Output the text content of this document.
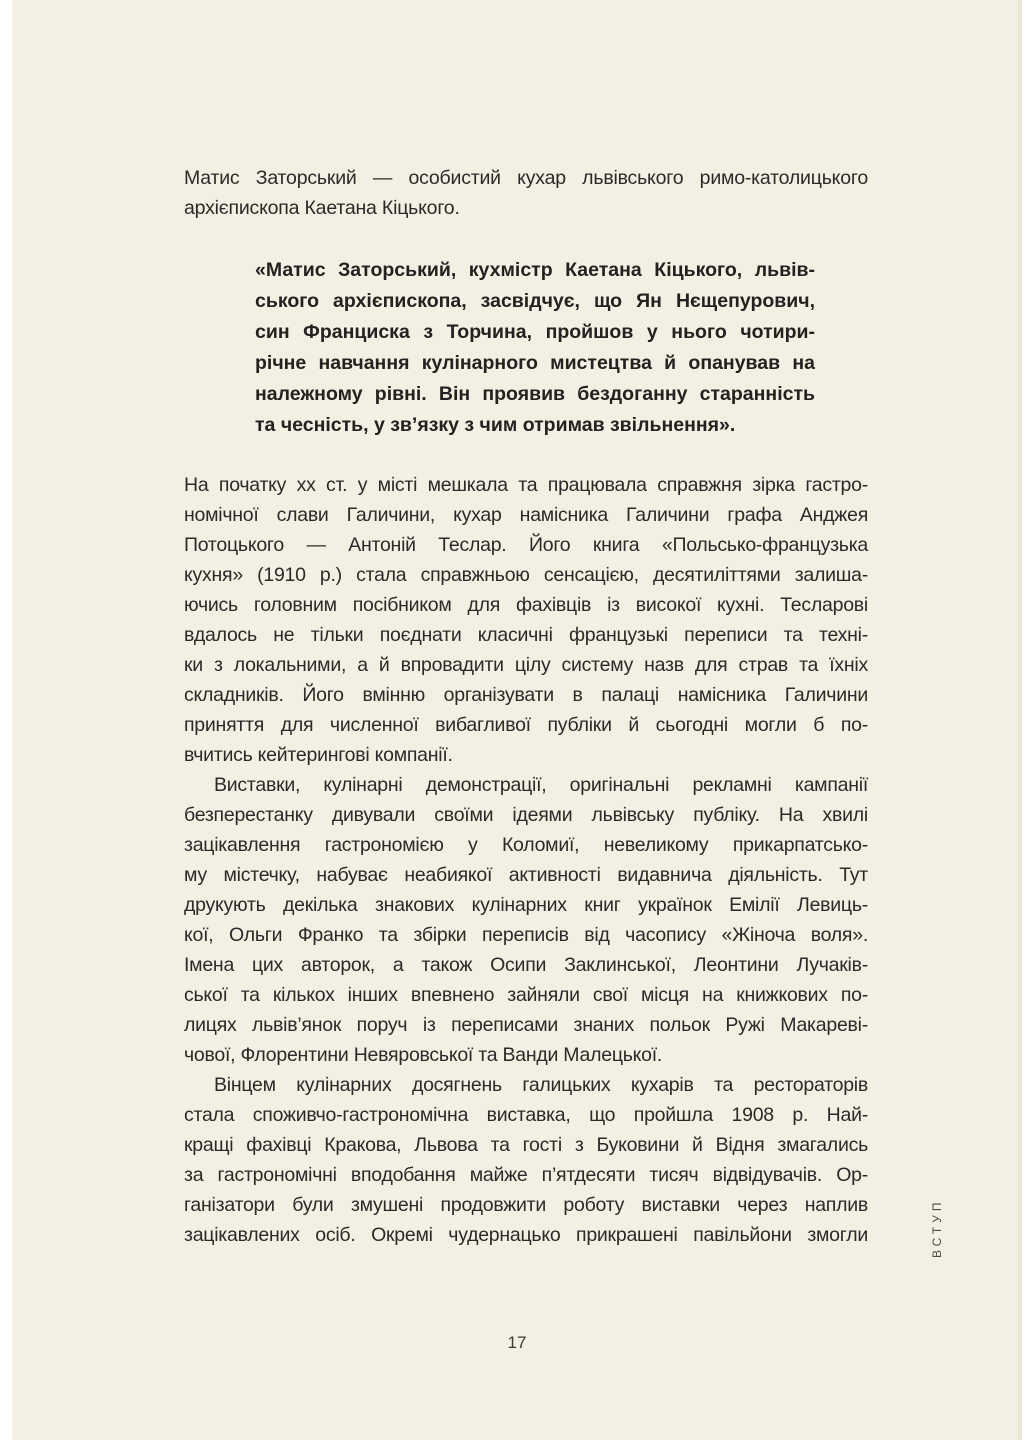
Матис Заторський — особистий кухар львівського римо-католицького
архієпископа Каетана Кіцького.
«Матис Заторський, кухмістр Каетана Кіцького, львів-
ського архієпископа, засвідчує, що Ян Нєщепурович,
син Франциска з Торчина, пройшов у нього чотири-
річне навчання кулінарного мистецтва й опанував на
належному рівні. Він проявив бездоганну старанність
та чесність, у зв’язку з чим отримав звільнення».
На початку хх ст. у місті мешкала та працювала справжня зірка гастро-
номічної слави Галичини, кухар намісника Галичини графа Анджея
Потоцького — Антоній Теслар. Його книга «Польсько-французька
кухня» (1910 р.) стала справжньою сенсацією, десятиліттями залиша-
ючись головним посібником для фахівців із високої кухні. Тесларові
вдалось не тільки поєднати класичні французькі переписи та техні-
ки з локальними, а й впровадити цілу систему назв для страв та їхніх
складників. Його вмінню організувати в палаці намісника Галичини
приняття для численної вибагливої публіки й сьогодні могли б по-
вчитись кейтерингові компанії.
Виставки, кулінарні демонстрації, оригінальні рекламні кампанії
безперестанку дивували своїми ідеями львівську публіку. На хвилі
зацікавлення гастрономією у Коломиї, невеликому прикарпатсько-
му містечку, набуває неабиякої активності видавнича діяльність. Тут
друкують декілька знакових кулінарних книг українок Емілії Левиць-
кої, Ольги Франко та збірки переписів від часопису «Жіноча воля».
Імена цих авторок, а також Осипи Заклинської, Леонтини Лучаків-
ської та кількох інших впевнено зайняли свої місця на книжкових по-
лицях львів’янок поруч із переписами знаних польок Ружі Макареві-
чової, Флорентини Невяровської та Ванди Малецької.
Вінцем кулінарних досягнень галицьких кухарів та рестораторів
стала споживчо-гастрономічна виставка, що пройшла 1908 р. Най-
кращі фахівці Кракова, Львова та гості з Буковини й Відня змагались
за гастрономічні вподобання майже п’ятдесяти тисяч відвідувачів. Ор-
ганізатори були змушені продовжити роботу виставки через наплив
зацікавлених осіб. Окремі чудернацько прикрашені павільйони змогли	ВСТУП
17
